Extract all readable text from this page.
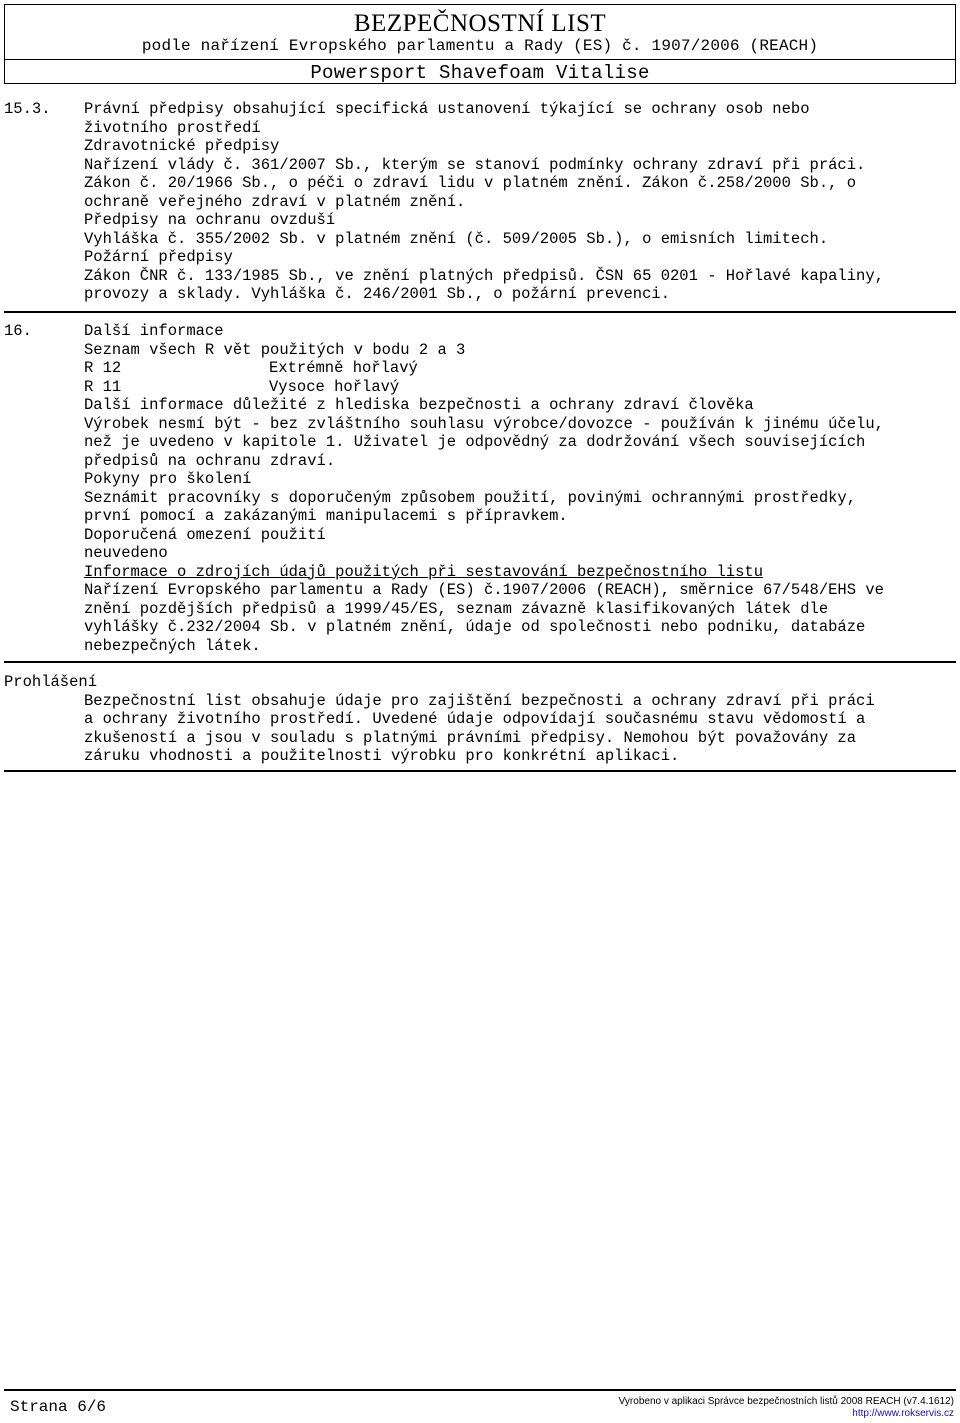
BEZPEČNOSTNÍ LIST
podle nařízení Evropského parlamentu a Rady (ES) č. 1907/2006 (REACH)
Powersport Shavefoam Vitalise
15.3. Právní předpisy obsahující specifická ustanovení týkající se ochrany osob nebo
životního prostředí
Zdravotnické předpisy
Nařízení vlády č. 361/2007 Sb., kterým se stanoví podmínky ochrany zdraví při práci.
Zákon č. 20/1966 Sb., o péči o zdraví lidu v platném znění. Zákon č.258/2000 Sb., o
ochraně veřejného zdraví v platném znění.
Předpisy na ochranu ovzduší
Vyhláška č. 355/2002 Sb. v platném znění (č. 509/2005 Sb.), o emisních limitech.
Požární předpisy
Zákon ČNR č. 133/1985 Sb., ve znění platných předpisů. ČSN 65 0201 - Hořlavé kapaliny,
provozy a sklady. Vyhláška č. 246/2001 Sb., o požární prevenci.
16.	Další informace
Seznam všech R vět použitých v bodu 2 a 3
R 12	Extrémně hořlavý
R 11	Vysoce hořlavý
Další informace důležité z hlediska bezpečnosti a ochrany zdraví člověka
Výrobek nesmí být - bez zvláštního souhlasu výrobce/dovozce - používán k jinému účelu,
než je uvedeno v kapitole 1. Uživatel je odpovědný za dodržování všech souvisejících
předpisů na ochranu zdraví.
Pokyny pro školení
Seznámit pracovníky s doporučeným způsobem použití, povinými ochrannými prostředky,
první pomocí a zakázanými manipulacemi s přípravkem.
Doporučená omezení použití
neuvedeno
Informace o zdrojích údajů použitých při sestavování bezpečnostního listu
Nařízení Evropského parlamentu a Rady (ES) č.1907/2006 (REACH), směrnice 67/548/EHS ve
znění pozdějších předpisů a 1999/45/ES, seznam závazně klasifikovaných látek dle
vyhlášky č.232/2004 Sb. v platném znění, údaje od společnosti nebo podniku, databáze
nebezpečných látek.
Prohlášení
Bezpečnostní list obsahuje údaje pro zajištění bezpečnosti a ochrany zdraví při práci
a ochrany životního prostředí. Uvedené údaje odpovídají současnému stavu vědomostí a
zkušeností a jsou v souladu s platnými právními předpisy. Nemohou být považovány za
záruku vhodnosti a použitelnosti výrobku pro konkrétní aplikaci.
Strana 6/6	Vyrobeno v aplikaci Správce bezpečnostních listů 2008 REACH (v7.4.1612)
http://www.rokservis.cz
